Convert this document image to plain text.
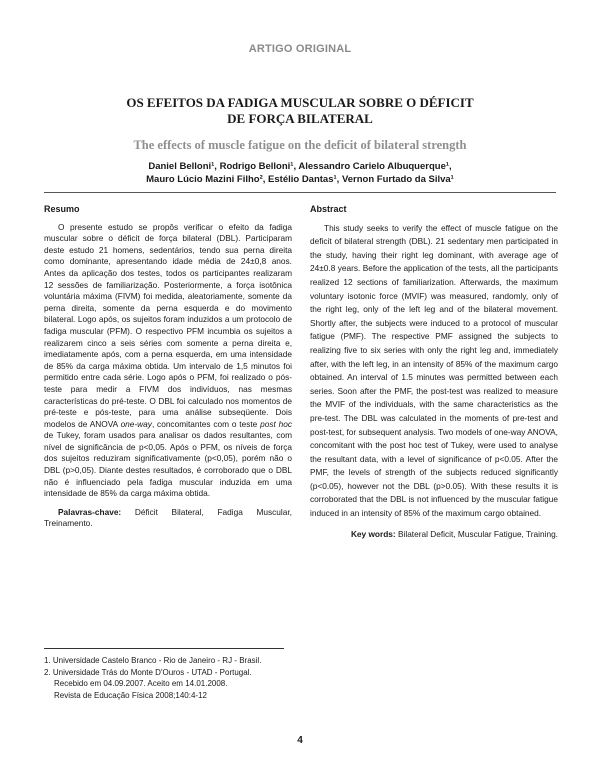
ARTIGO ORIGINAL
OS EFEITOS DA FADIGA MUSCULAR SOBRE O DÉFICIT
DE FORÇA BILATERAL
The effects of muscle fatigue on the deficit of bilateral strength
Daniel Belloni¹, Rodrigo Belloni¹, Alessandro Carielo Albuquerque¹,
Mauro Lúcio Mazini Filho², Estélio Dantas¹, Vernon Furtado da Silva¹
Resumo

O presente estudo se propôs verificar o efeito da fadiga muscular sobre o déficit de força bilateral (DBL). Participaram deste estudo 21 homens, sedentários, tendo sua perna direita como dominante, apresentando idade média de 24±0,8 anos. Antes da aplicação dos testes, todos os participantes realizaram 12 sessões de familiarização. Posteriormente, a força isotônica voluntária máxima (FIVM) foi medida, aleatoriamente, somente da perna direita, somente da perna esquerda e do movimento bilateral. Logo após, os sujeitos foram induzidos a um protocolo de fadiga muscular (PFM). O respectivo PFM incumbia os sujeitos a realizarem cinco a seis séries com somente a perna direita e, imediatamente após, com a perna esquerda, em uma intensidade de 85% da carga máxima obtida. Um intervalo de 1,5 minutos foi permitido entre cada série. Logo após o PFM, foi realizado o pós-teste para medir a FIVM dos indivíduos, nas mesmas características do pré-teste. O DBL foi calculado nos momentos de pré-teste e pós-teste, para uma análise subseqüente. Dois modelos de ANOVA one-way, concomitantes com o teste post hoc de Tukey, foram usados para analisar os dados resultantes, com nível de significância de p<0,05. Após o PFM, os níveis de força dos sujeitos reduziram significativamente (p<0,05), porém não o DBL (p>0,05). Diante destes resultados, é corroborado que o DBL não é influenciado pela fadiga muscular induzida em uma intensidade de 85% da carga máxima obtida.

Palavras-chave: Déficit Bilateral, Fadiga Muscular, Treinamento.

Abstract

This study seeks to verify the effect of muscle fatigue on the deficit of bilateral strength (DBL). 21 sedentary men participated in the study, having their right leg dominant, with average age of 24±0.8 years. Before the application of the tests, all the participants realized 12 sections of familiarization. Afterwards, the maximum voluntary isotonic force (MVIF) was measured, randomly, only of the right leg, only of the left leg and of the bilateral movement. Shortly after, the subjects were induced to a protocol of muscular fatigue (PMF). The respective PMF assigned the subjects to realizing five to six series with only the right leg and, immediately after, with the left leg, in an intensity of 85% of the maximum cargo obtained. An interval of 1.5 minutes was permitted between each series. Soon after the PMF, the post-test was realized to measure the MVIF of the individuals, with the same characteristics as the pre-test. The DBL was calculated in the moments of pre-test and post-test, for subsequent analysis. Two models of one-way ANOVA, concomitant with the post hoc test of Tukey, were used to analyse the resultant data, with a level of significance of p<0.05. After the PMF, the levels of strength of the subjects reduced significantly (p<0.05), however not the DBL (p>0.05). With these results it is corroborated that the DBL is not influenced by the muscular fatigue induced in an intensity of 85% of the maximum cargo obtained.

Key words: Bilateral Deficit, Muscular Fatigue, Training.

1. Universidade Castelo Branco - Rio de Janeiro - RJ - Brasil.
2. Universidade Trás do Monte D'Ouros - UTAD - Portugal.
Recebido em 04.09.2007. Aceito em 14.01.2008.
Revista de Educação Física 2008;140:4-12
4
